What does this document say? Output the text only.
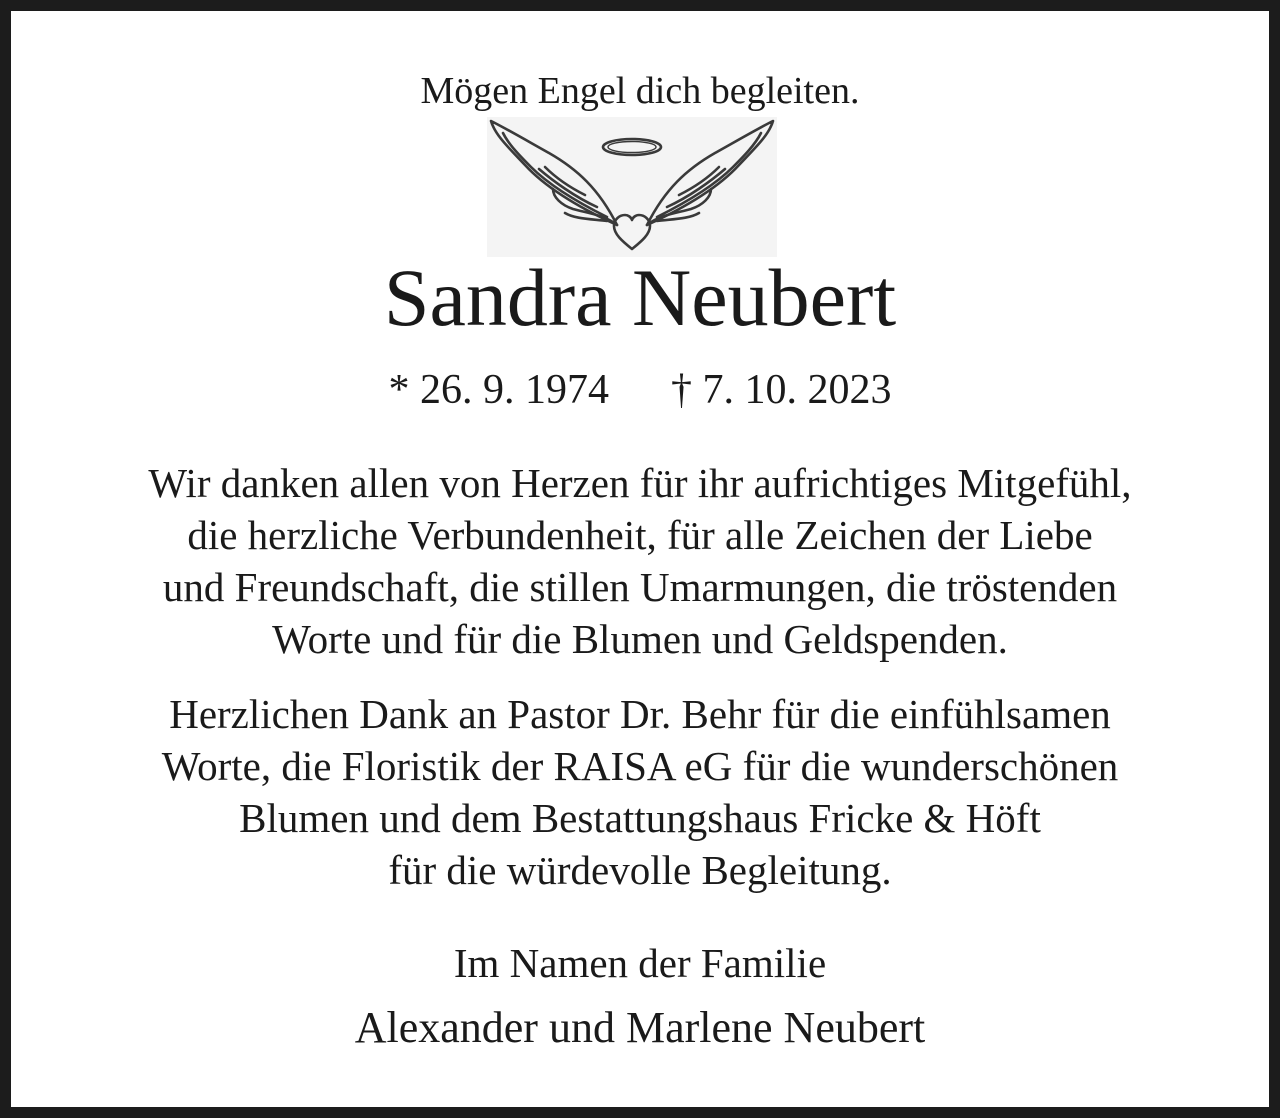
Mögen Engel dich begleiten.
Sandra Neubert
* 26. 9. 1974 † 7. 10. 2023
Wir danken allen von Herzen für ihr aufrichtiges Mitgefühl,
die herzliche Verbundenheit, für alle Zeichen der Liebe
und Freundschaft, die stillen Umarmungen, die tröstenden
Worte und für die Blumen und Geldspenden.
Herzlichen Dank an Pastor Dr. Behr für die einfühlsamen
Worte, die Floristik der RAISA eG für die wunderschönen
Blumen und dem Bestattungshaus Fricke & Höft
für die würdevolle Begleitung.
Im Namen der Familie
Alexander und Marlene Neubert
